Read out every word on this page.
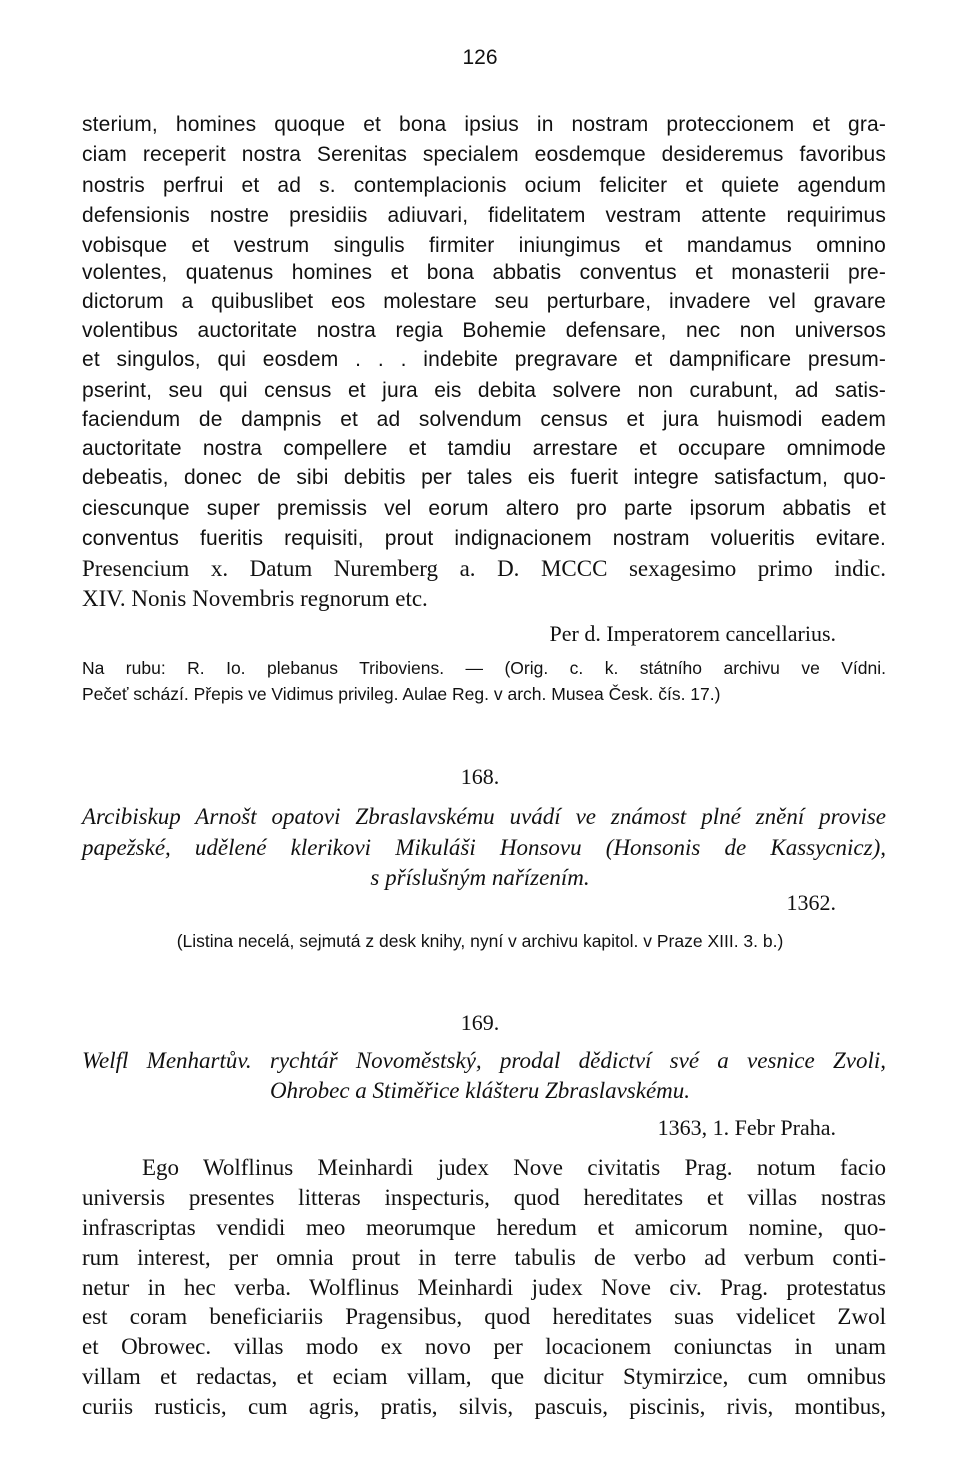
126
sterium, homines quoque et bona ipsius in nostram proteccionem et gra-
ciam receperit nostra Serenitas specialem eosdemque desideremus favoribus
nostris perfrui et ad s. contemplacionis ocium feliciter et quiete agendum
defensionis nostre presidiis adiuvari, fidelitatem vestram attente requirimus
vobisque et vestrum singulis firmiter iniungimus et mandamus omnino
volentes, quatenus homines et bona abbatis conventus et monasterii pre-
dictorum a quibuslibet eos molestare seu perturbare, invadere vel gravare
volentibus auctoritate nostra regia Bohemie defensare, nec non universos
et singulos, qui eosdem . . . indebite pregravare et dampnificare presum-
pserint, seu qui census et jura eis debita solvere non curabunt, ad satis-
faciendum de dampnis et ad solvendum census et jura huismodi eadem
auctoritate nostra compellere et tamdiu arrestare et occupare omnimode
debeatis, donec de sibi debitis per tales eis fuerit integre satisfactum, quo-
ciescunque super premissis vel eorum altero pro parte ipsorum abbatis et
conventus fueritis requisiti, prout indignacionem nostram volueritis evitare.
Presencium x. Datum Nuremberg a. D. MCCC sexagesimo primo indic.
XIV. Nonis Novembris regnorum etc.
Per d. Imperatorem cancellarius.
Na rubu: R. Io. plebanus Triboviens. — (Orig. c. k. státního archivu ve Vídni.
Pečeť schází. Přepis ve Vidimus privileg. Aulae Reg. v arch. Musea Česk. čís. 17.)
168.
Arcibiskup Arnošt opatovi Zbraslavskému uvádí ve známost plné znění provise
papežské, udělené klerikovi Mikuláši Honsovu (Honsonis de Kassycnicz),
s příslušným nařízením.
1362.
(Listina necelá, sejmutá z desk knihy, nyní v archivu kapitol. v Praze XIII. 3. b.)
169.
Welfl Menhartův. rychtář Novoměstský, prodal dědictví své a vesnice Zvoli,
Ohrobec a Stiměřice klášteru Zbraslavskému.
1363, 1. Febr Praha.
Ego Wolflinus Meinhardi judex Nove civitatis Prag. notum facio
universis presentes litteras inspecturis, quod hereditates et villas nostras
infrascriptas vendidi meo meorumque heredum et amicorum nomine, quo-
rum interest, per omnia prout in terre tabulis de verbo ad verbum conti-
netur in hec verba. Wolflinus Meinhardi judex Nove civ. Prag. protestatus
est coram beneficiariis Pragensibus, quod hereditates suas videlicet Zwol
et Obrowec. villas modo ex novo per locacionem coniunctas in unam
villam et redactas, et eciam villam, que dicitur Stymirzice, cum omnibus
curiis rusticis, cum agris, pratis, silvis, pascuis, piscinis, rivis, montibus,
